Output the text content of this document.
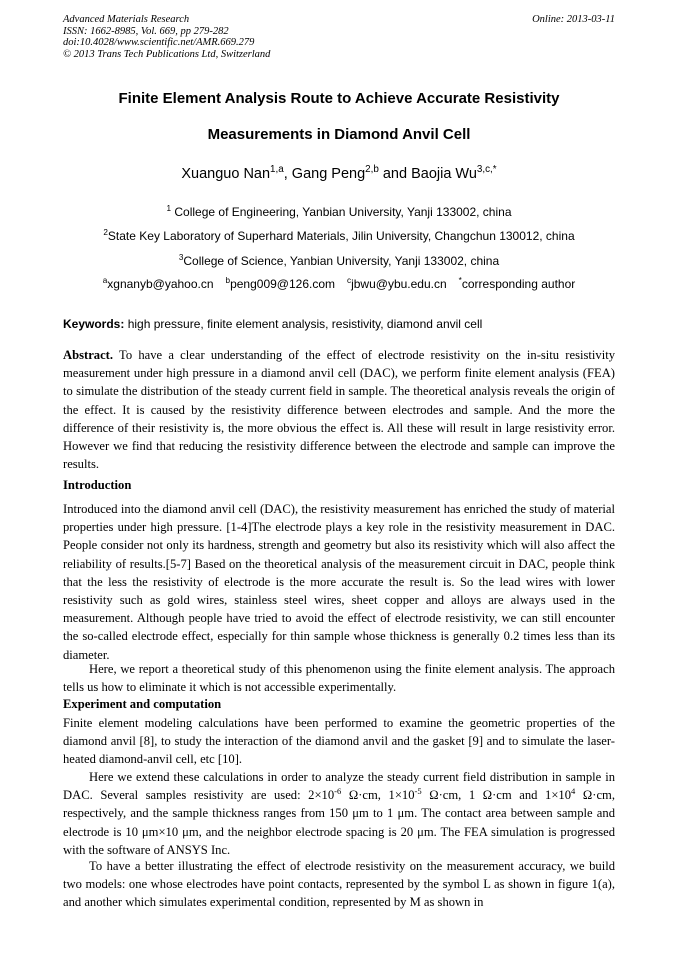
Advanced Materials Research
ISSN: 1662-8985, Vol. 669, pp 279-282
doi:10.4028/www.scientific.net/AMR.669.279
© 2013 Trans Tech Publications Ltd, Switzerland
Online: 2013-03-11
Finite Element Analysis Route to Achieve Accurate Resistivity
Measurements in Diamond Anvil Cell
Xuanguo Nan$^{1,a}$, Gang Peng$^{2,b}$ and Baojia $Wu^{3,c,*}$
$^1$ College of Engineering, Yanbian University, Yanji 133002, china
$^2$State Key Laboratory of Superhard Materials, Jilin University, Changchun 130012, china
$^3$College of Science, Yanbian University, Yanji 133002, china
$^a$xgnanyb@yahoo.cn $^b$peng009@126.com $^c$jbwu@ybu.edu.cn *corresponding author
Keywords: high pressure, finite element analysis, resistivity, diamond anvil cell
Abstract. To have a clear understanding of the effect of electrode resistivity on the in-situ resistivity measurement under high pressure in a diamond anvil cell (DAC), we perform finite element analysis (FEA) to simulate the distribution of the steady current field in sample. The theoretical analysis reveals the origin of the effect. It is caused by the resistivity difference between electrodes and sample. And the more the difference of their resistivity is, the more obvious the effect is. All these will result in large resistivity error. However we find that reducing the resistivity difference between the electrode and sample can improve the results.
Introduction
Introduced into the diamond anvil cell (DAC), the resistivity measurement has enriched the study of material properties under high pressure. [1-4]The electrode plays a key role in the resistivity measurement in DAC. People consider not only its hardness, strength and geometry but also its resistivity which will also affect the reliability of results.[5-7] Based on the theoretical analysis of the measurement circuit in DAC, people think that the less the resistivity of electrode is the more accurate the result is. So the lead wires with lower resistivity such as gold wires, stainless steel wires, sheet copper and alloys are always used in the measurement. Although people have tried to avoid the effect of electrode resistivity, we can still encounter the so-called electrode effect, especially for thin sample whose thickness is generally 0.2 times less than its diameter.
Here, we report a theoretical study of this phenomenon using the finite element analysis. The approach tells us how to eliminate it which is not accessible experimentally.
Experiment and computation
Finite element modeling calculations have been performed to examine the geometric properties of the diamond anvil [8], to study the interaction of the diamond anvil and the gasket [9] and to simulate the laser-heated diamond-anvil cell, etc [10].
Here we extend these calculations in order to analyze the steady current field distribution in sample in DAC. Several samples resistivity are used: $2\times 10^{-6}$ Ω·cm, $1\times 10^{-5}$ Ω·cm, 1 Ω·cm and $1\times 10^4$ Ω·cm, respectively, and the sample thickness ranges from 150 μm to 1 μm. The contact area between sample and electrode is 10 μm×10 μm, and the neighbor electrode spacing is 20 μm. The FEA simulation is progressed with the software of ANSYS Inc.
To have a better illustrating the effect of electrode resistivity on the measurement accuracy, we build two models: one whose electrodes have point contacts, represented by the symbol L as shown in figure 1(a), and another which simulates experimental condition, represented by M as shown in
